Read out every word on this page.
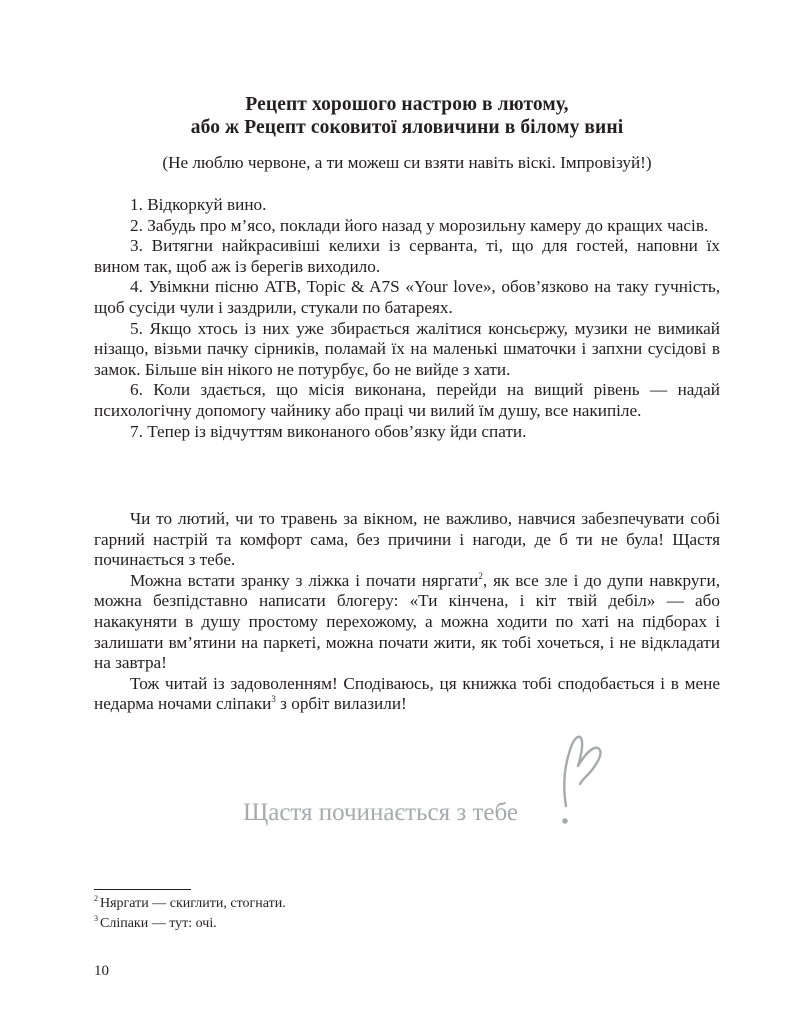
Рецепт хорошого настрою в лютому,
або ж Рецепт соковитої яловичини в білому вині
(Не люблю червоне, а ти можеш си взяти навіть віскі. Імпровізуй!)

1. Відкоркуй вино.

2. Забудь про м’ясо, поклади його назад у морозильну камеру до кращих часів.

3. Витягни найкрасивіші келихи із серванта, ті, що для гостей, наповни їх вином так, щоб аж із берегів виходило.

4. Увімкни пісню ATB, Topic & A7S «Your love», обов’язково на таку гучність, щоб сусіди чули і заздрили, стукали по батареях.

5. Якщо хтось із них уже збирається жалітися консьєржу, музики не вимикай нізащо, візьми пачку сірників, поламай їх на маленькі шматочки і запхни сусідові в замок. Більше він нікого не потурбує, бо не вийде з хати.

6. Коли здається, що місія виконана, перейди на вищий рівень — надай психологічну допомогу чайнику або праці чи вилий їм душу, все накипіле.

7. Тепер із відчуттям виконаного обов’язку йди спати.

Чи то лютий, чи то травень за вікном, не важливо, навчися забезпечувати собі гарний настрій та комфорт сама, без причини і нагоди, де б ти не була! Щастя починається з тебе.

Можна встати зранку з ліжка і почати няргати$^2$, як все зле і до дупи навкруги, можна безпідставно написати блогеру: «Ти кінчена, і кіт твій дебіл» — або накакуняти в душу простому перехожому, а можна ходити по хаті на підборах і залишати вм’ятини на паркеті, можна почати жити, як тобі хочеться, і не відкладати на завтра!

Тож читай із задоволенням! Сподіваюсь, ця книжка тобі сподобається і в мене недарма ночами сліпаки$^3$ з орбіт вилазили!

Щастя починається з тебе
$^2$ Няргати — скиглити, стогнати.
$^3$ Сліпаки — тут: очі.
10
